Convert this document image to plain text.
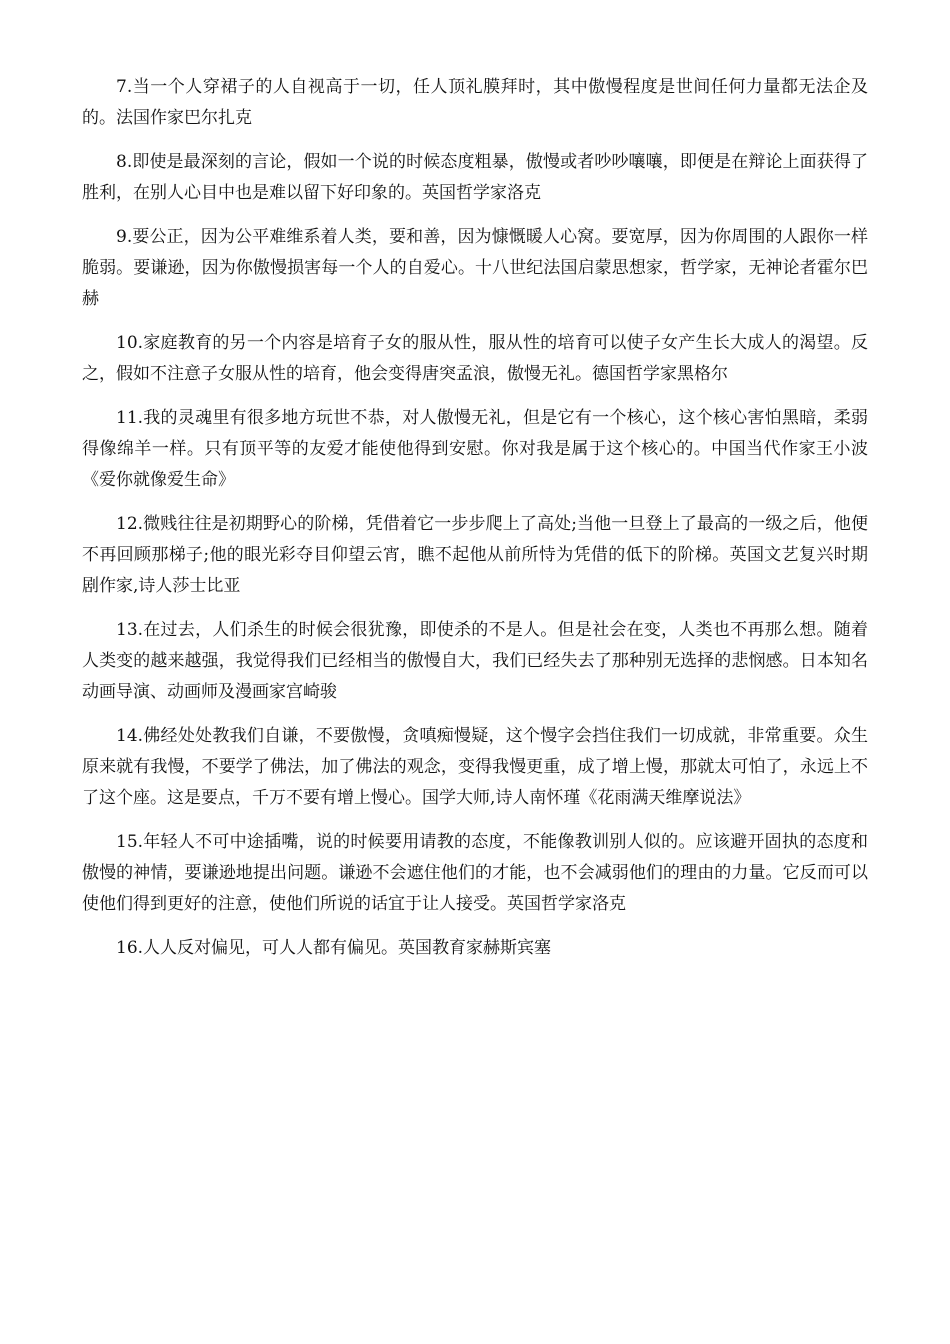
7.当一个人穿裙子的人自视高于一切，任人顶礼膜拜时，其中傲慢程度是世间任何力量都无法企及的。法国作家巴尔扎克

8.即使是最深刻的言论，假如一个说的时候态度粗暴，傲慢或者吵吵嚷嚷，即便是在辩论上面获得了胜利，在别人心目中也是难以留下好印象的。英国哲学家洛克

9.要公正，因为公平难维系着人类，要和善，因为慷慨暖人心窝。要宽厚，因为你周围的人跟你一样脆弱。要谦逊，因为你傲慢损害每一个人的自爱心。十八世纪法国启蒙思想家，哲学家，无神论者霍尔巴赫

10.家庭教育的另一个内容是培育子女的服从性，服从性的培育可以使子女产生长大成人的渴望。反之，假如不注意子女服从性的培育，他会变得唐突孟浪，傲慢无礼。德国哲学家黑格尔

11.我的灵魂里有很多地方玩世不恭，对人傲慢无礼，但是它有一个核心，这个核心害怕黑暗，柔弱得像绵羊一样。只有顶平等的友爱才能使他得到安慰。你对我是属于这个核心的。中国当代作家王小波《爱你就像爱生命》

12.微贱往往是初期野心的阶梯，凭借着它一步步爬上了高处;当他一旦登上了最高的一级之后，他便不再回顾那梯子;他的眼光彩夺目仰望云宵，瞧不起他从前所恃为凭借的低下的阶梯。英国文艺复兴时期剧作家,诗人莎士比亚

13.在过去，人们杀生的时候会很犹豫，即使杀的不是人。但是社会在变，人类也不再那么想。随着人类变的越来越强，我觉得我们已经相当的傲慢自大，我们已经失去了那种别无选择的悲悯感。日本知名动画导演、动画师及漫画家宫崎骏

14.佛经处处教我们自谦，不要傲慢，贪嗔痴慢疑，这个慢字会挡住我们一切成就，非常重要。众生原来就有我慢，不要学了佛法，加了佛法的观念，变得我慢更重，成了增上慢，那就太可怕了，永远上不了这个座。这是要点，千万不要有增上慢心。国学大师,诗人南怀瑾《花雨满天维摩说法》

15.年轻人不可中途插嘴，说的时候要用请教的态度，不能像教训别人似的。应该避开固执的态度和傲慢的神情，要谦逊地提出问题。谦逊不会遮住他们的才能，也不会减弱他们的理由的力量。它反而可以使他们得到更好的注意，使他们所说的话宜于让人接受。英国哲学家洛克

16.人人反对偏见，可人人都有偏见。英国教育家赫斯宾塞
